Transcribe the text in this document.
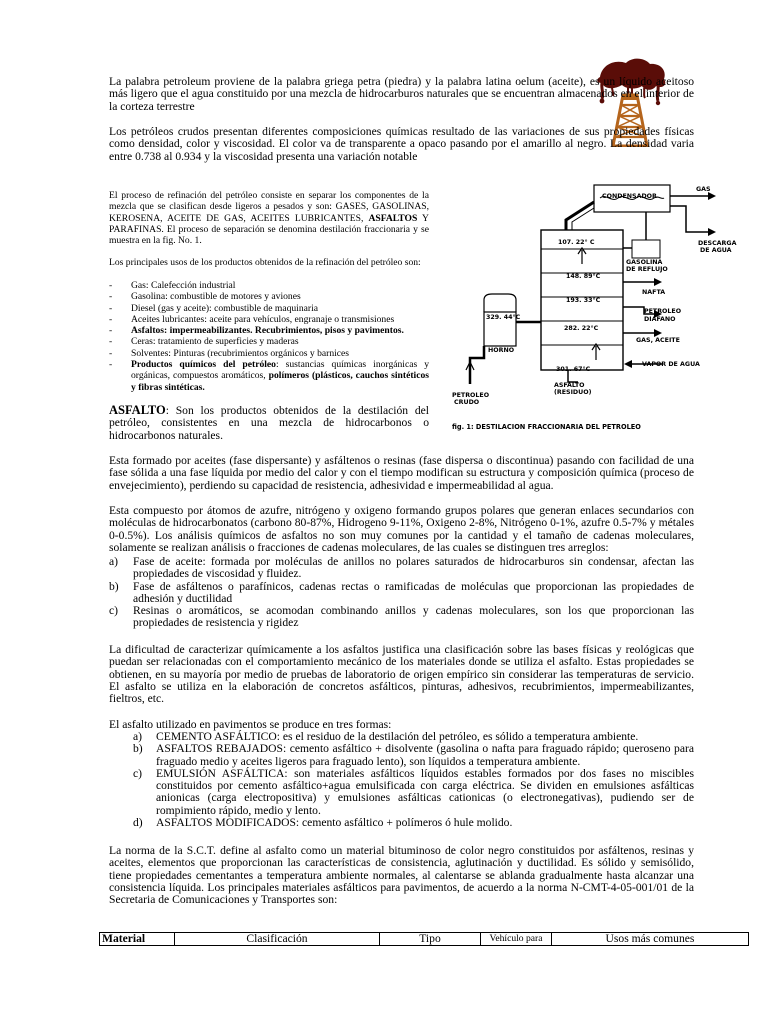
La palabra petroleum proviene de la palabra griega petra (piedra) y la palabra latina oelum (aceite), es un líquido aceitoso más ligero que el agua constituido por una mezcla de hidrocarburos naturales que se encuentran almacenados en el interior de la corteza terrestre

Los petróleos crudos presentan diferentes composiciones químicas resultado de las variaciones de sus propiedades físicas como densidad, color y viscosidad. El color va de transparente a opaco pasando por el amarillo al negro. La densidad varia entre 0.738 al 0.934 y la viscosidad presenta una variación notable

El proceso de refinación del petróleo consiste en separar los componentes de la mezcla que se clasifican desde ligeros a pesados y son: GASES, GASOLINAS, KEROSENA, ACEITE DE GAS, ACEITES LUBRICANTES, ASFALTOS Y PARAFINAS. El proceso de separación se denomina destilación fraccionaria y se muestra en la fig. No. 1.

Los principales usos de los productos obtenidos de la refinación del petróleo son:

- Gas: Calefección industrial
- Gasolina: combustible de motores y aviones
- Diesel (gas y aceite): combustible de maquinaria
- Aceites lubricantes: aceite para vehículos, engranaje o transmisiones
- Asfaltos: impermeabilizantes. Recubrimientos, pisos y pavimentos.
- Ceras: tratamiento de superficies y maderas
- Solventes: Pinturas (recubrimientos orgánicos y barnices
- Productos químicos del petróleo: sustancias químicas inorgánicas y orgánicas, compuestos aromáticos, polímeros (plásticos, cauchos sintéticos y fibras sintéticas.

ASFALTO: Son los productos obtenidos de la destilación del petróleo, consistentes en una mezcla de hidrocarbonos o hidrocarbonos naturales.

CONDENSADOR
GAS
DESCARGA
DE AGUA
GASOLINA
DE REFLUJO
107. 22° C
148. 89°C
193. 33°C
282. 22°C
301. 67°C
329. 44°C
NAFTA
PETROLEO
DIAFANO
GAS, ACEITE
VAPOR DE AGUA
HORNO
ASFALTO
(RESIDUO)
PETROLEO
CRUDO
fig. 1: DESTILACION FRACCIONARIA DEL PETROLEO

Esta formado por aceites (fase dispersante) y asfáltenos o resinas (fase dispersa o discontinua) pasando con facilidad de una fase sólida a una fase líquida por medio del calor y con el tiempo modifican su estructura y composición química (proceso de envejecimiento), perdiendo su capacidad de resistencia, adhesividad e impermeabilidad al agua.

Esta compuesto por átomos de azufre, nitrógeno y oxigeno formando grupos polares que generan enlaces secundarios con moléculas de hidrocarbonatos (carbono 80-87%, Hidrogeno 9-11%, Oxigeno 2-8%, Nitrógeno 0-1%, azufre 0.5-7% y métales 0-0.5%). Los análisis químicos de asfaltos no son muy comunes por la cantidad y el tamaño de cadenas moleculares, solamente se realizan análisis o fracciones de cadenas moleculares, de las cuales se distinguen tres arreglos:

a) Fase de aceite: formada por moléculas de anillos no polares saturados de hidrocarburos sin condensar, afectan las propiedades de viscosidad y fluidez.
b) Fase de asfáltenos o parafínicos, cadenas rectas o ramificadas de moléculas que proporcionan las propiedades de adhesión y ductilidad
c) Resinas o aromáticos, se acomodan combinando anillos y cadenas moleculares, son los que proporcionan las propiedades de resistencia y rigidez

La dificultad de caracterizar químicamente a los asfaltos justifica una clasificación sobre las bases físicas y reológicas que puedan ser relacionadas con el comportamiento mecánico de los materiales donde se utiliza el asfalto. Estas propiedades se obtienen, en su mayoría por medio de pruebas de laboratorio de origen empírico sin considerar las temperaturas de servicio. El asfalto se utiliza en la elaboración de concretos asfálticos, pinturas, adhesivos, recubrimientos, impermeabilizantes, fieltros, etc.

El asfalto utilizado en pavimentos se produce en tres formas:

a) CEMENTO ASFÁLTICO: es el residuo de la destilación del petróleo, es sólido a temperatura ambiente.
b) ASFALTOS REBAJADOS: cemento asfáltico + disolvente (gasolina o nafta para fraguado rápido; queroseno para fraguado medio y aceites ligeros para fraguado lento), son líquidos a temperatura ambiente.
c) EMULSIÓN ASFÁLTICA: son materiales asfálticos líquidos estables formados por dos fases no miscibles constituidos por cemento asfáltico+agua emulsificada con carga eléctrica. Se dividen en emulsiones asfálticas anionicas (carga electropositiva) y emulsiones asfálticas cationicas (o electronegativas), pudiendo ser de rompimiento rápido, medio y lento.
d) ASFALTOS MODIFICADOS: cemento asfáltico + polímeros ó hule molido.

La norma de la S.C.T. define al asfalto como un material bituminoso de color negro constituidos por asfáltenos, resinas y aceites, elementos que proporcionan las características de consistencia, aglutinación y ductilidad. Es sólido y semisólido, tiene propiedades cementantes a temperatura ambiente normales, al calentarse se ablanda gradualmente hasta alcanzar una consistencia líquida. Los principales materiales asfálticos para pavimentos, de acuerdo a la norma N-CMT-4-05-001/01 de la Secretaria de Comunicaciones y Transportes son:

Material	Clasificación	Tipo	Vehículo para	Usos más comunes
